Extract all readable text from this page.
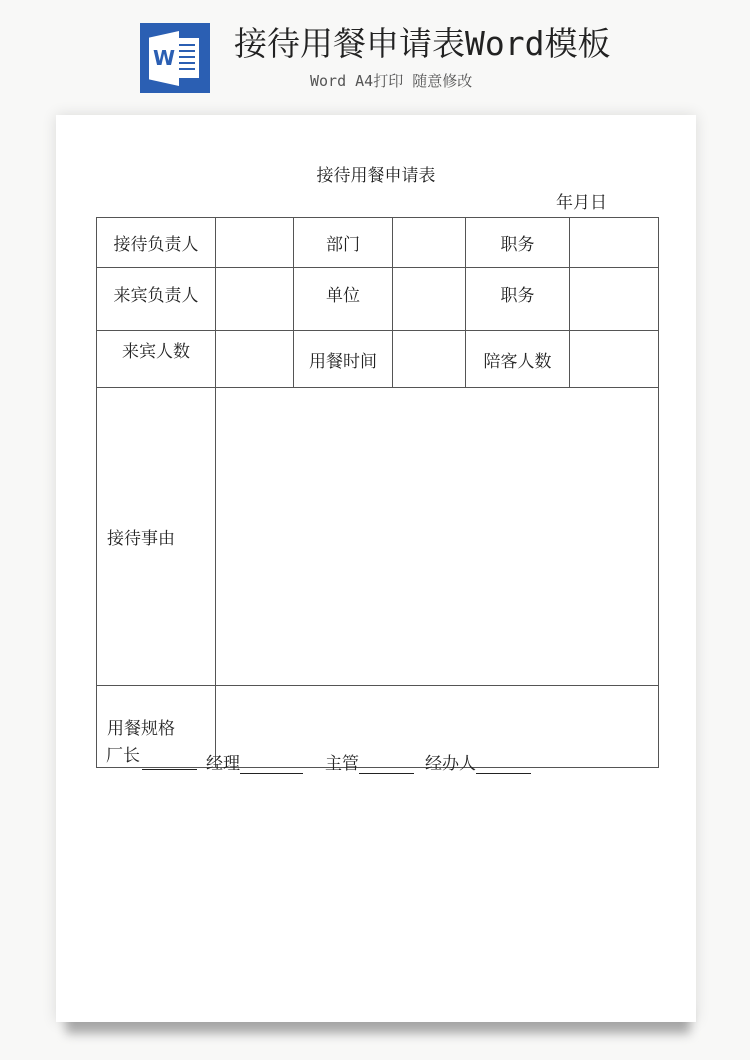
W 接待用餐申请表Word模板
Word A4打印 随意修改
接待用餐申请表
年月日
接待负责人		部门		职务	
来宾负责人		单位		职务	
来宾人数		用餐时间		陪客人数	
接待事由					
用餐规格					
厂长	经理	主管	经办人
